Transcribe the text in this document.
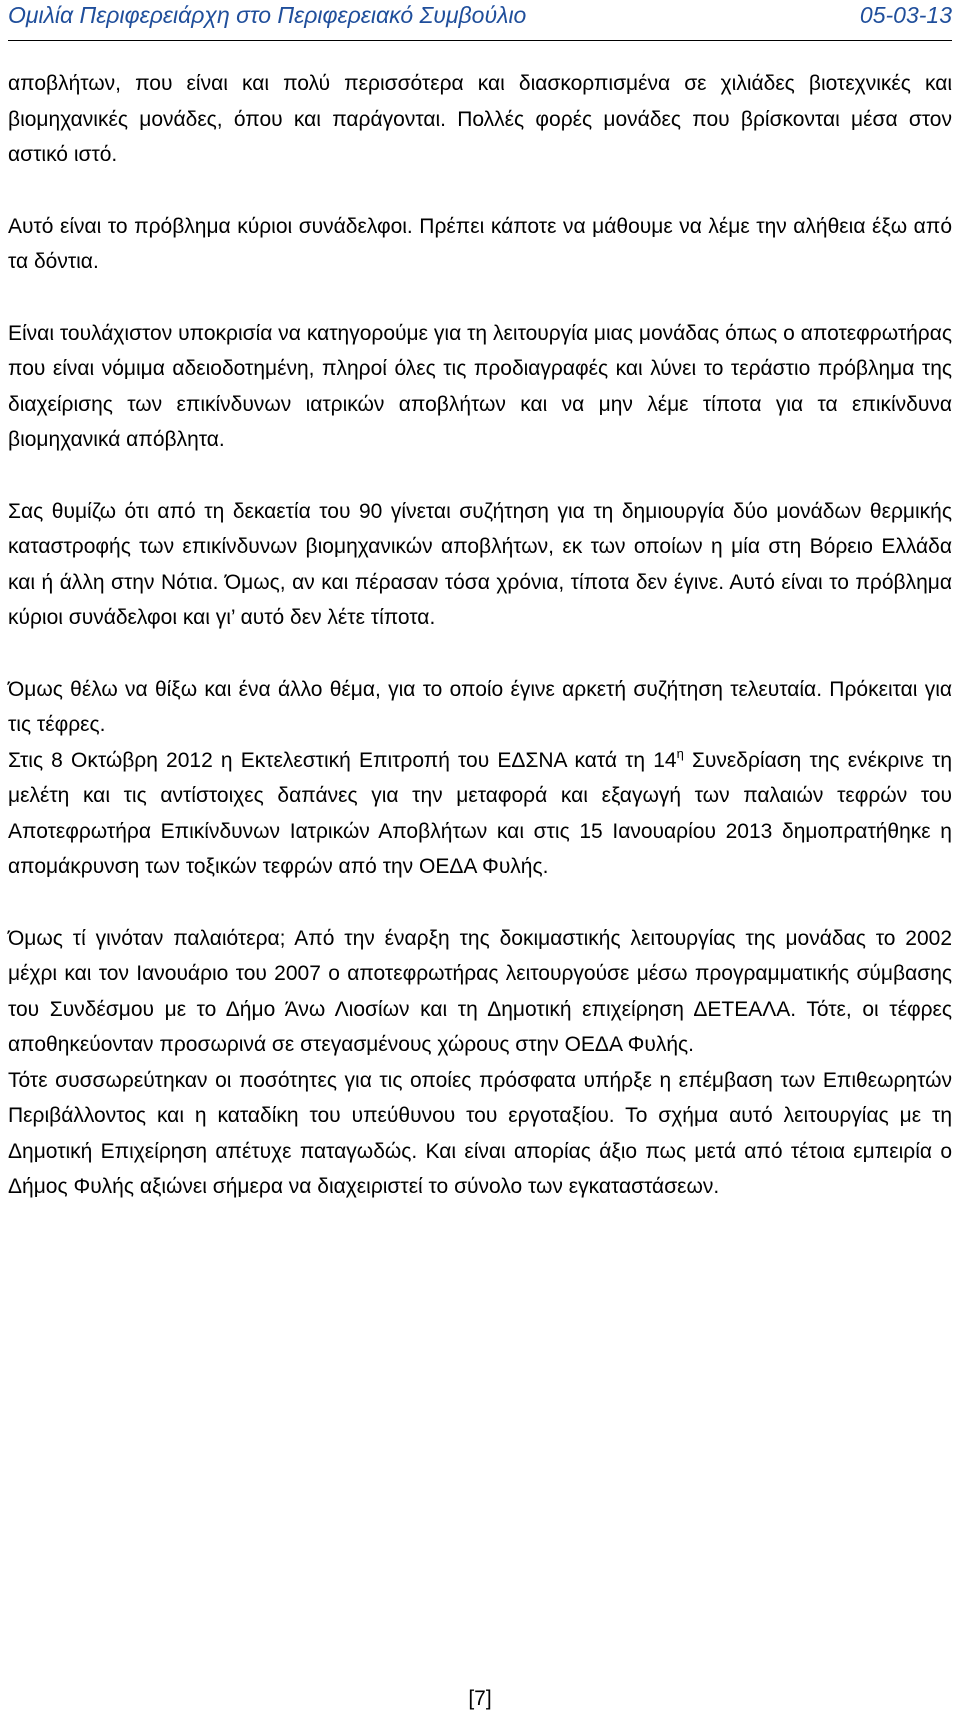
Ομιλία Περιφερειάρχη στο Περιφερειακό Συμβούλιο	05-03-13

αποβλήτων, που είναι και πολύ περισσότερα και διασκορπισμένα σε χιλιάδες βιοτεχνικές και βιομηχανικές μονάδες, όπου και παράγονται. Πολλές φορές μονάδες που βρίσκονται μέσα στον αστικό ιστό.

Αυτό είναι το πρόβλημα κύριοι συνάδελφοι. Πρέπει κάποτε να μάθουμε να λέμε την αλήθεια έξω από τα δόντια.

Είναι τουλάχιστον υποκρισία να κατηγορούμε για τη λειτουργία μιας μονάδας όπως ο αποτεφρωτήρας που είναι νόμιμα αδειοδοτημένη, πληροί όλες τις προδιαγραφές και λύνει το τεράστιο πρόβλημα της διαχείρισης των επικίνδυνων ιατρικών αποβλήτων και να μην λέμε τίποτα για τα επικίνδυνα βιομηχανικά απόβλητα.

Σας θυμίζω ότι από τη δεκαετία του 90 γίνεται συζήτηση για τη δημιουργία δύο μονάδων θερμικής καταστροφής των επικίνδυνων βιομηχανικών αποβλήτων, εκ των οποίων η μία στη Βόρειο Ελλάδα και ή άλλη στην Νότια. Όμως, αν και πέρασαν τόσα χρόνια, τίποτα δεν έγινε. Αυτό είναι το πρόβλημα κύριοι συνάδελφοι και γι’ αυτό δεν λέτε τίποτα.

Όμως θέλω να θίξω και ένα άλλο θέμα, για το οποίο έγινε αρκετή συζήτηση τελευταία. Πρόκειται για τις τέφρες.

Στις 8 Οκτώβρη 2012 η Εκτελεστική Επιτροπή του ΕΔΣΝΑ κατά τη $14^\eta$ Συνεδρίαση της ενέκρινε τη μελέτη και τις αντίστοιχες δαπάνες για την μεταφορά και εξαγωγή των παλαιών τεφρών του Αποτεφρωτήρα Επικίνδυνων Ιατρικών Αποβλήτων και στις 15 Ιανουαρίου 2013 δημοπρατήθηκε η απομάκρυνση των τοξικών τεφρών από την ΟΕΔΑ Φυλής.

Όμως τί γινόταν παλαιότερα; Από την έναρξη της δοκιμαστικής λειτουργίας της μονάδας το 2002 μέχρι και τον Ιανουάριο του 2007 ο αποτεφρωτήρας λειτουργούσε μέσω προγραμματικής σύμβασης του Συνδέσμου με το Δήμο Άνω Λιοσίων και τη Δημοτική επιχείρηση ΔΕΤΕΑΛΑ. Τότε, οι τέφρες αποθηκεύονταν προσωρινά σε στεγασμένους χώρους στην ΟΕΔΑ Φυλής.

Τότε συσσωρεύτηκαν οι ποσότητες για τις οποίες πρόσφατα υπήρξε η επέμβαση των Επιθεωρητών Περιβάλλοντος και η καταδίκη του υπεύθυνου του εργοταξίου. Το σχήμα αυτό λειτουργίας με τη Δημοτική Επιχείρηση απέτυχε παταγωδώς. Και είναι απορίας άξιο πως μετά από τέτοια εμπειρία ο Δήμος Φυλής αξιώνει σήμερα να διαχειριστεί το σύνολο των εγκαταστάσεων.

[7]
